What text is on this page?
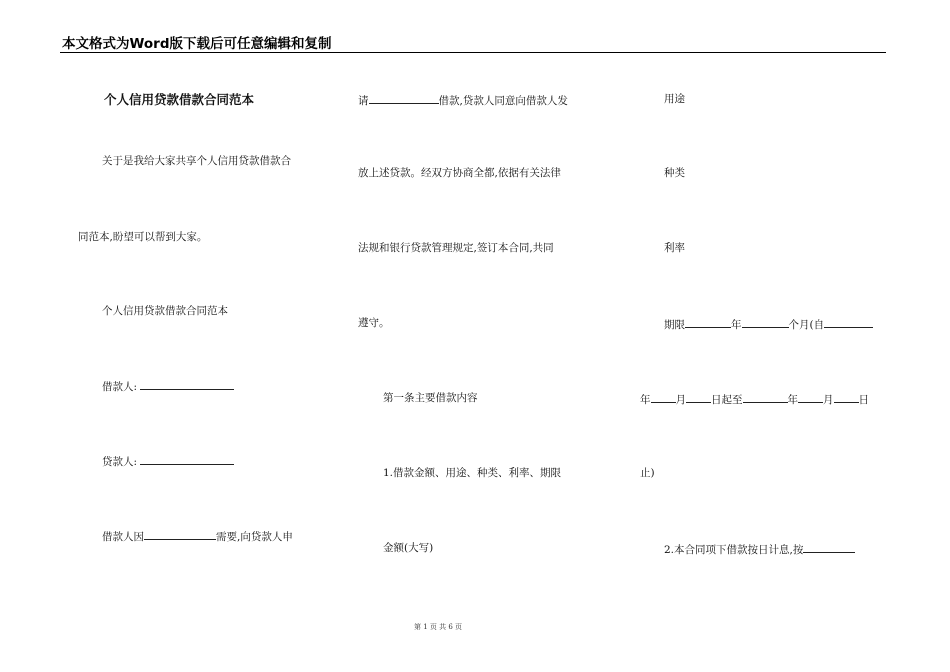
本文格式为Word版下载后可任意编辑和复制
个人信用贷款借款合同范本
关于是我给大家共享个人信用贷款借款合
同范本,盼望可以帮到大家。
个人信用贷款借款合同范本
借款人:
贷款人:
借款人因	需要,向贷款人申
请	借款,贷款人同意向借款人发
放上述贷款。经双方协商全都,依据有关法律
法规和银行贷款管理规定,签订本合同,共同
遵守。
第一条主要借款内容
1.借款金额、用途、种类、利率、期限
金额(大写)
用途
种类
利率
期限	年	个月(自
年 月 日起至	年 月 日
止)
2.本合同项下借款按日计息,按
第 1 页 共 6 页
